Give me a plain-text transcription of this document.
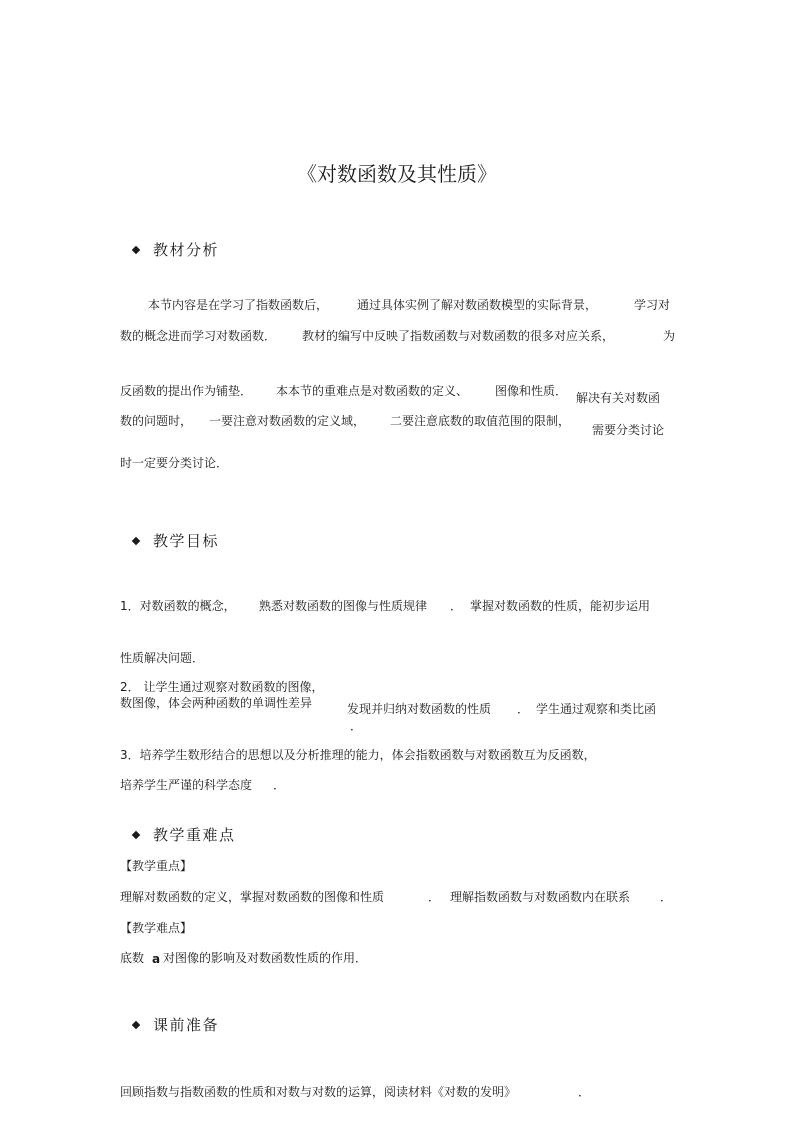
《对数函数及其性质》
教材分析
本节内容是在学习了指数函数后， 通过具体实例了解对数函数模型的实际背景，	学习对
数的概念进而学习对数函数． 教材的编写中反映了指数函数与对数函数的很多对应关系，	为
反函数的提出作为铺垫． 本本节的重难点是对数函数的定义、 图像和性质． 解决有关对数函
数的问题时， 一要注意对数函数的定义域， 二要注意底数的取值范围的限制，
需要分类讨论
时一定要分类讨论．
教学目标
1．对数函数的概念， 熟悉对数函数的图像与性质规律 ． 掌握对数函数的性质，能初步运用
性质解决问题．
2． 让学生通过观察对数函数的图像，
数图像，体会两种函数的单调性差异	发现并归纳对数函数的性质 ． 学生通过观察和类比函
．
3．培养学生数形结合的思想以及分析推理的能力，体会指数函数与对数函数互为反函数，
培养学生严谨的科学态度 ．
教学重难点
【教学重点】
理解对数函数的定义，掌握对数函数的图像和性质	． 理解指数函数与对数函数内在联系 ．
【教学难点】
底数 a 对图像的影响及对数函数性质的作用．
课前准备
回顾指数与指数函数的性质和对数与对数的运算，阅读材料《对数的发明》	．
